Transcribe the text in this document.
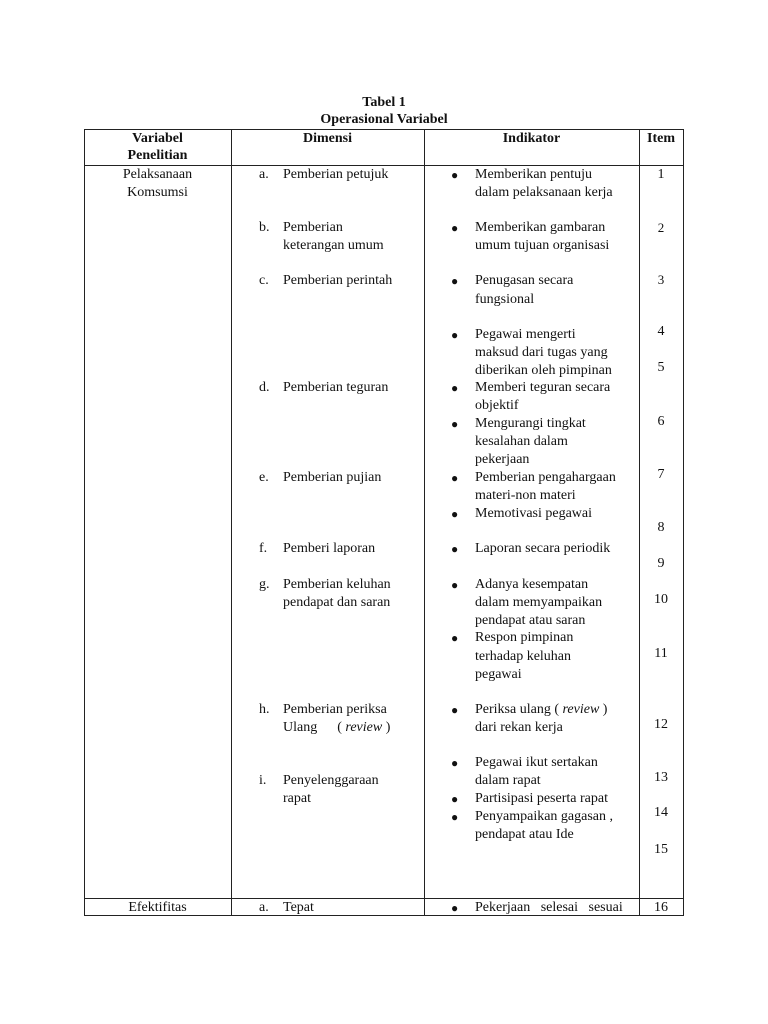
Tabel 1
Operasional Variabel
Variabel
Penelitian
Dimensi	Indikator	Item
Pelaksanaan
Komsumsi
Efektifitas
a. Pemberian petujuk
b. Pemberian
keterangan umum
c. Pemberian perintah
d. Pemberian teguran
e. Pemberian pujian
f. Pemberi laporan
g. Pemberian keluhan
pendapat dan saran
h. Pemberian periksa
Ulang ( review )
i. Penyelenggaraan
rapat
a. Tepat
● Memberikan pentuju
dalam pelaksanaan kerja
● Memberikan gambaran
umum tujuan organisasi
● Penugasan secara
fungsional
● Pegawai mengerti
maksud dari tugas yang
diberikan oleh pimpinan
● Memberi teguran secara
objektif
● Mengurangi tingkat
kesalahan dalam
pekerjaan
● Pemberian pengahargaan
materi-non materi
● Memotivasi pegawai
● Laporan secara periodik
● Adanya kesempatan
dalam memyampaikan
pendapat atau saran
● Respon pimpinan
terhadap keluhan
pegawai
● Periksa ulang ( review )
dari rekan kerja
● Pegawai ikut sertakan
dalam rapat
● Partisipasi peserta rapat
● Penyampaikan gagasan ,
pendapat atau Ide
● Pekerjaan   selesai   sesuai
1
2
3
4
5
6
7
8
9
10
11
12
13
14
15
16
